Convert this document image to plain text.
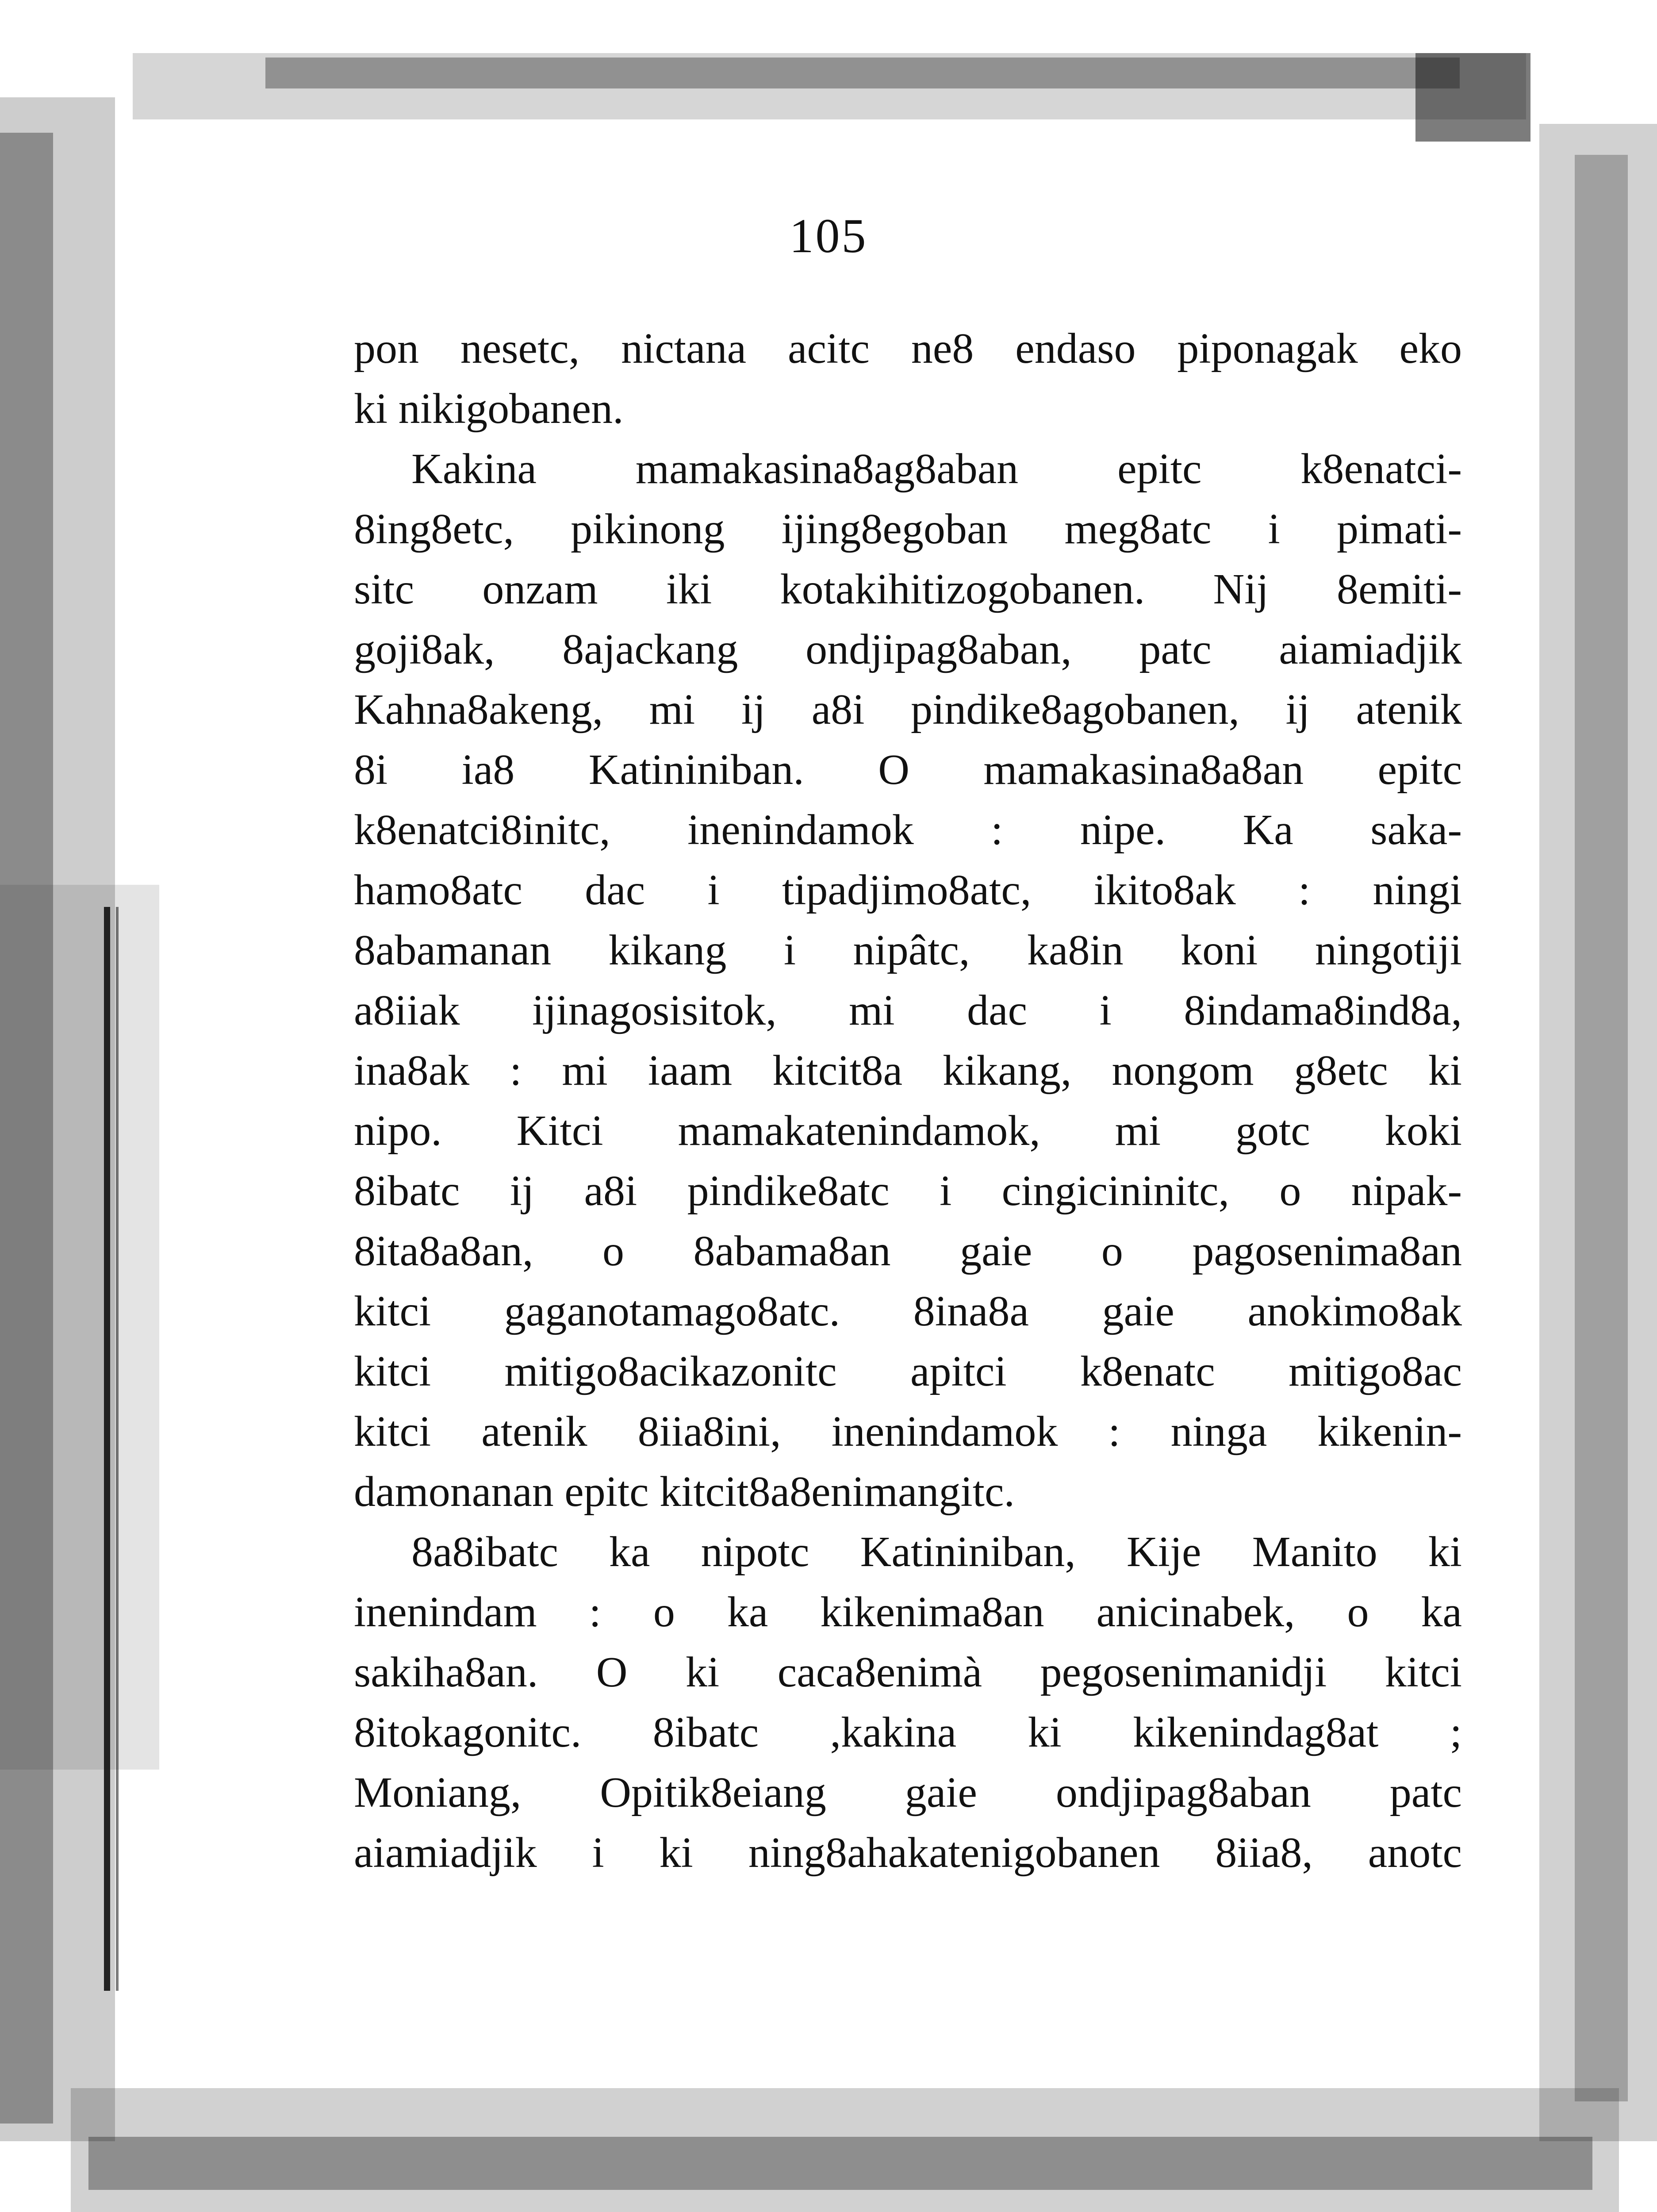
105
pon nesetc, nictana acitc ne8 endaso piponagak eko
ki nikigobanen.
Kakina mamakasina8ag8aban epitc k8enatci-
8ing8etc, pikinong ijing8egoban meg8atc i pimati-
sitc onzam iki kotakihitizogobanen. Nij 8emiti-
goji8ak, 8ajackang ondjipag8aban, patc aiamiadjik
Kahna8akeng, mi ij a8i pindike8agobanen, ij atenik
8i ia8 Katininiban. O mamakasina8a8an epitc
k8enatci8initc, inenindamok : nipe. Ka saka-
hamo8atc dac i tipadjimo8atc, ikito8ak : ningi
8abamanan kikang i nipâtc, ka8in koni ningotiji
a8iiak ijinagosisitok, mi dac i 8indama8ind8a,
ina8ak : mi iaam kitcit8a kikang, nongom g8etc ki
nipo. Kitci mamakatenindamok, mi gotc koki
8ibatc ij a8i pindike8atc i cingicininitc, o nipak-
8ita8a8an, o 8abama8an gaie o pagosenima8an
kitci gaganotamago8atc. 8ina8a gaie anokimo8ak
kitci mitigo8acikazonitc apitci k8enatc mitigo8ac
kitci atenik 8iia8ini, inenindamok : ninga kikenin-
damonanan epitc kitcit8a8enimangitc.
8a8ibatc ka nipotc Katininiban, Kije Manito ki
inenindam : o ka kikenima8an anicinabek, o ka
sakiha8an. O ki caca8enimà pegosenimanidji kitci
8itokagonitc. 8ibatc ,kakina ki kikenindag8at ;
Moniang, Opitik8eiang gaie ondjipag8aban patc
aiamiadjik i ki ning8ahakatenigobanen 8iia8, anotc
